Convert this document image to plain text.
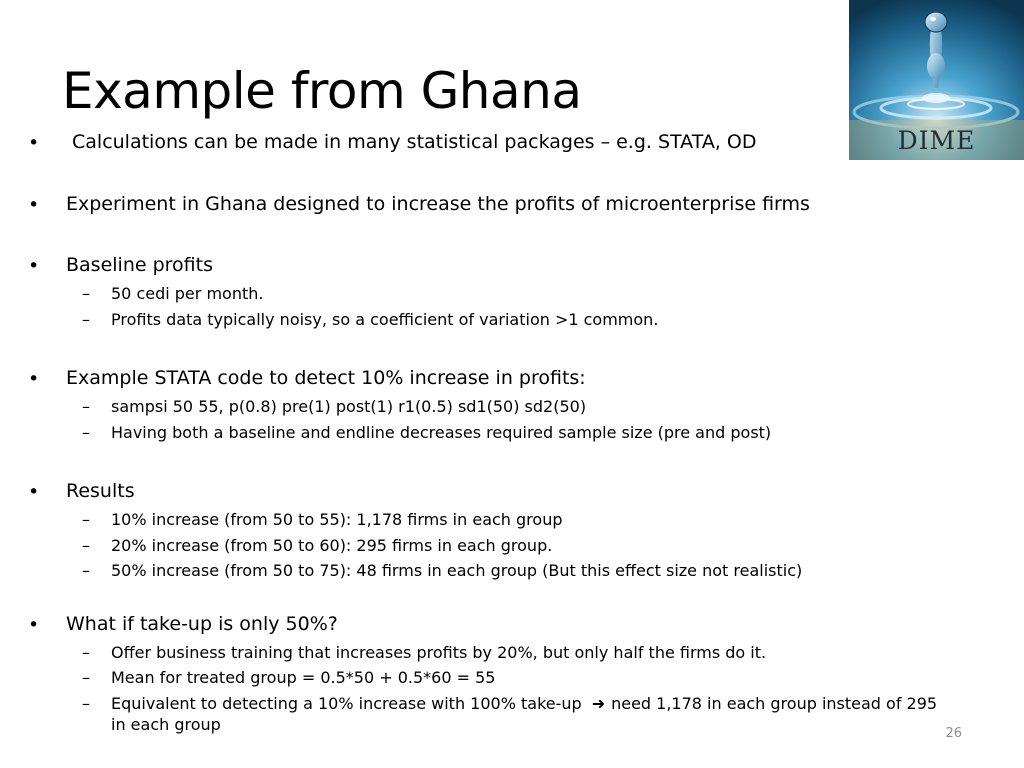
Example from Ghana
DIME
• Calculations can be made in many statistical packages – e.g. STATA, OD
• Experiment in Ghana designed to increase the profits of microenterprise firms
• Baseline profits
– 50 cedi per month.
– Profits data typically noisy, so a coefficient of variation >1 common.
• Example STATA code to detect 10% increase in profits:
– sampsi 50 55, p(0.8) pre(1) post(1) r1(0.5) sd1(50) sd2(50)
– Having both a baseline and endline decreases required sample size (pre and post)
• Results
– 10% increase (from 50 to 55): 1,178 firms in each group
– 20% increase (from 50 to 60): 295 firms in each group.
– 50% increase (from 50 to 75): 48 firms in each group (But this effect size not realistic)
• What if take-up is only 50%?
– Offer business training that increases profits by 20%, but only half the firms do it.
– Mean for treated group = 0.5*50 + 0.5*60 = 55
– Equivalent to detecting a 10% increase with 100% take-up ➜ need 1,178 in each group instead of 295 in each group	26
